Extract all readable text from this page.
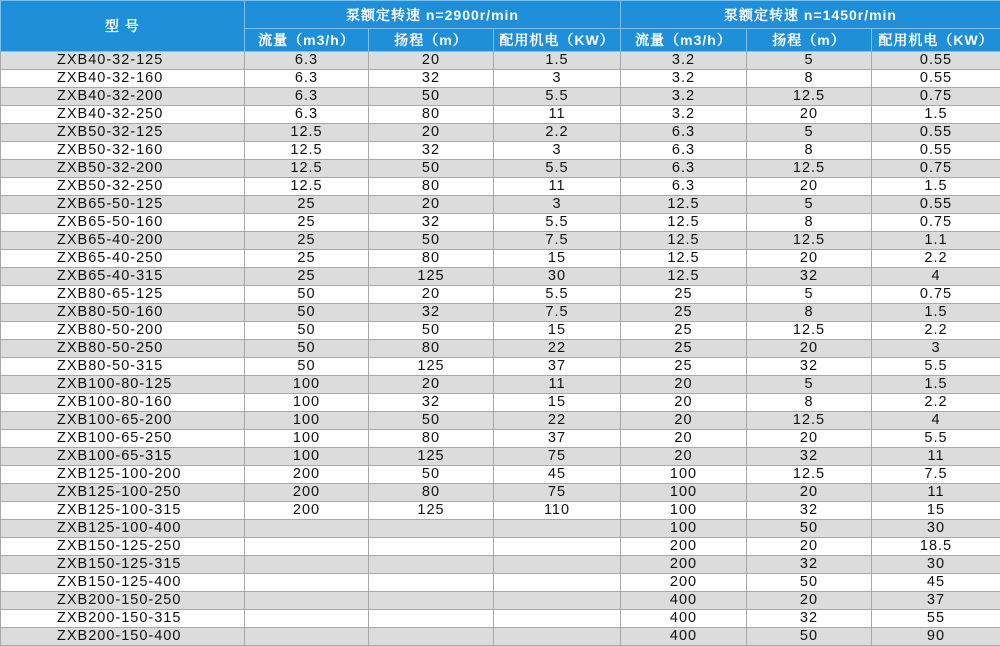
型 号	泵额定转速 n=2900r/min			泵额定转速 n=1450r/min		
	流量（m3/h）	扬程（m）	配用机电（KW）	流量（m3/h）	扬程（m）	配用机电（KW）
ZXB40-32-125	6.3	20	1.5	3.2	5	0.55
ZXB40-32-160	6.3	32	3	3.2	8	0.55
ZXB40-32-200	6.3	50	5.5	3.2	12.5	0.75
ZXB40-32-250	6.3	80	11	3.2	20	1.5
ZXB50-32-125	12.5	20	2.2	6.3	5	0.55
ZXB50-32-160	12.5	32	3	6.3	8	0.55
ZXB50-32-200	12.5	50	5.5	6.3	12.5	0.75
ZXB50-32-250	12.5	80	11	6.3	20	1.5
ZXB65-50-125	25	20	3	12.5	5	0.55
ZXB65-50-160	25	32	5.5	12.5	8	0.75
ZXB65-40-200	25	50	7.5	12.5	12.5	1.1
ZXB65-40-250	25	80	15	12.5	20	2.2
ZXB65-40-315	25	125	30	12.5	32	4
ZXB80-65-125	50	20	5.5	25	5	0.75
ZXB80-50-160	50	32	7.5	25	8	1.5
ZXB80-50-200	50	50	15	25	12.5	2.2
ZXB80-50-250	50	80	22	25	20	3
ZXB80-50-315	50	125	37	25	32	5.5
ZXB100-80-125	100	20	11	20	5	1.5
ZXB100-80-160	100	32	15	20	8	2.2
ZXB100-65-200	100	50	22	20	12.5	4
ZXB100-65-250	100	80	37	20	20	5.5
ZXB100-65-315	100	125	75	20	32	11
ZXB125-100-200	200	50	45	100	12.5	7.5
ZXB125-100-250	200	80	75	100	20	11
ZXB125-100-315	200	125	110	100	32	15
ZXB125-100-400				100	50	30
ZXB150-125-250				200	20	18.5
ZXB150-125-315				200	32	30
ZXB150-125-400				200	50	45
ZXB200-150-250				400	20	37
ZXB200-150-315				400	32	55
ZXB200-150-400				400	50	90
